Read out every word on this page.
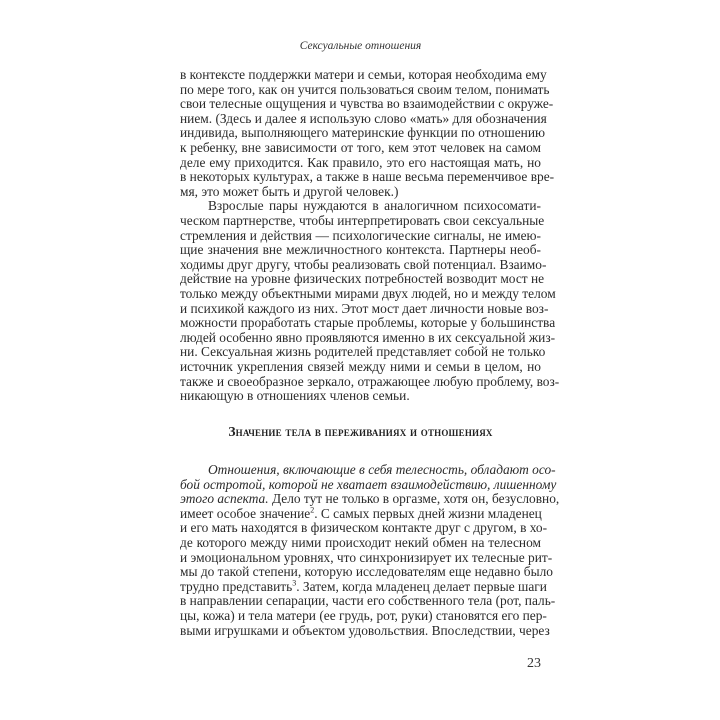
Сексуальные отношения
в контексте поддержки матери и семьи, которая необходима ему
по мере того, как он учится пользоваться своим телом, понимать
свои телесные ощущения и чувства во взаимодействии с окруже-
нием. (Здесь и далее я использую слово «мать» для обозначения
индивида, выполняющего материнские функции по отношению
к ребенку, вне зависимости от того, кем этот человек на самом
деле ему приходится. Как правило, это его настоящая мать, но
в некоторых культурах, а также в наше весьма переменчивое вре-
мя, это может быть и другой человек.)
Взрослые пары нуждаются в аналогичном психосомати-
ческом партнерстве, чтобы интерпретировать свои сексуальные
стремления и действия — психологические сигналы, не имею-
щие значения вне межличностного контекста. Партнеры необ-
ходимы друг другу, чтобы реализовать свой потенциал. Взаимо-
действие на уровне физических потребностей возводит мост не
только между объектными мирами двух людей, но и между телом
и психикой каждого из них. Этот мост дает личности новые воз-
можности проработать старые проблемы, которые у большинства
людей особенно явно проявляются именно в их сексуальной жиз-
ни. Сексуальная жизнь родителей представляет собой не только
источник укрепления связей между ними и семьи в целом, но
также и своеобразное зеркало, отражающее любую проблему, воз-
никающую в отношениях членов семьи.
Значение тела в переживаниях и отношениях
Отношения, включающие в себя телесность, обладают осо-
бой остротой, которой не хватает взаимодействию, лишенному
этого аспекта. Дело тут не только в оргазме, хотя он, безусловно,
имеет особое значение$^2$. С самых первых дней жизни младенец
и его мать находятся в физическом контакте друг с другом, в хо-
де которого между ними происходит некий обмен на телесном
и эмоциональном уровнях, что синхронизирует их телесные рит-
мы до такой степени, которую исследователям еще недавно было
трудно представить$^3$. Затем, когда младенец делает первые шаги
в направлении сепарации, части его собственного тела (рот, паль-
цы, кожа) и тела матери (ее грудь, рот, руки) становятся его пер-
выми игрушками и объектом удовольствия. Впоследствии, через
23
